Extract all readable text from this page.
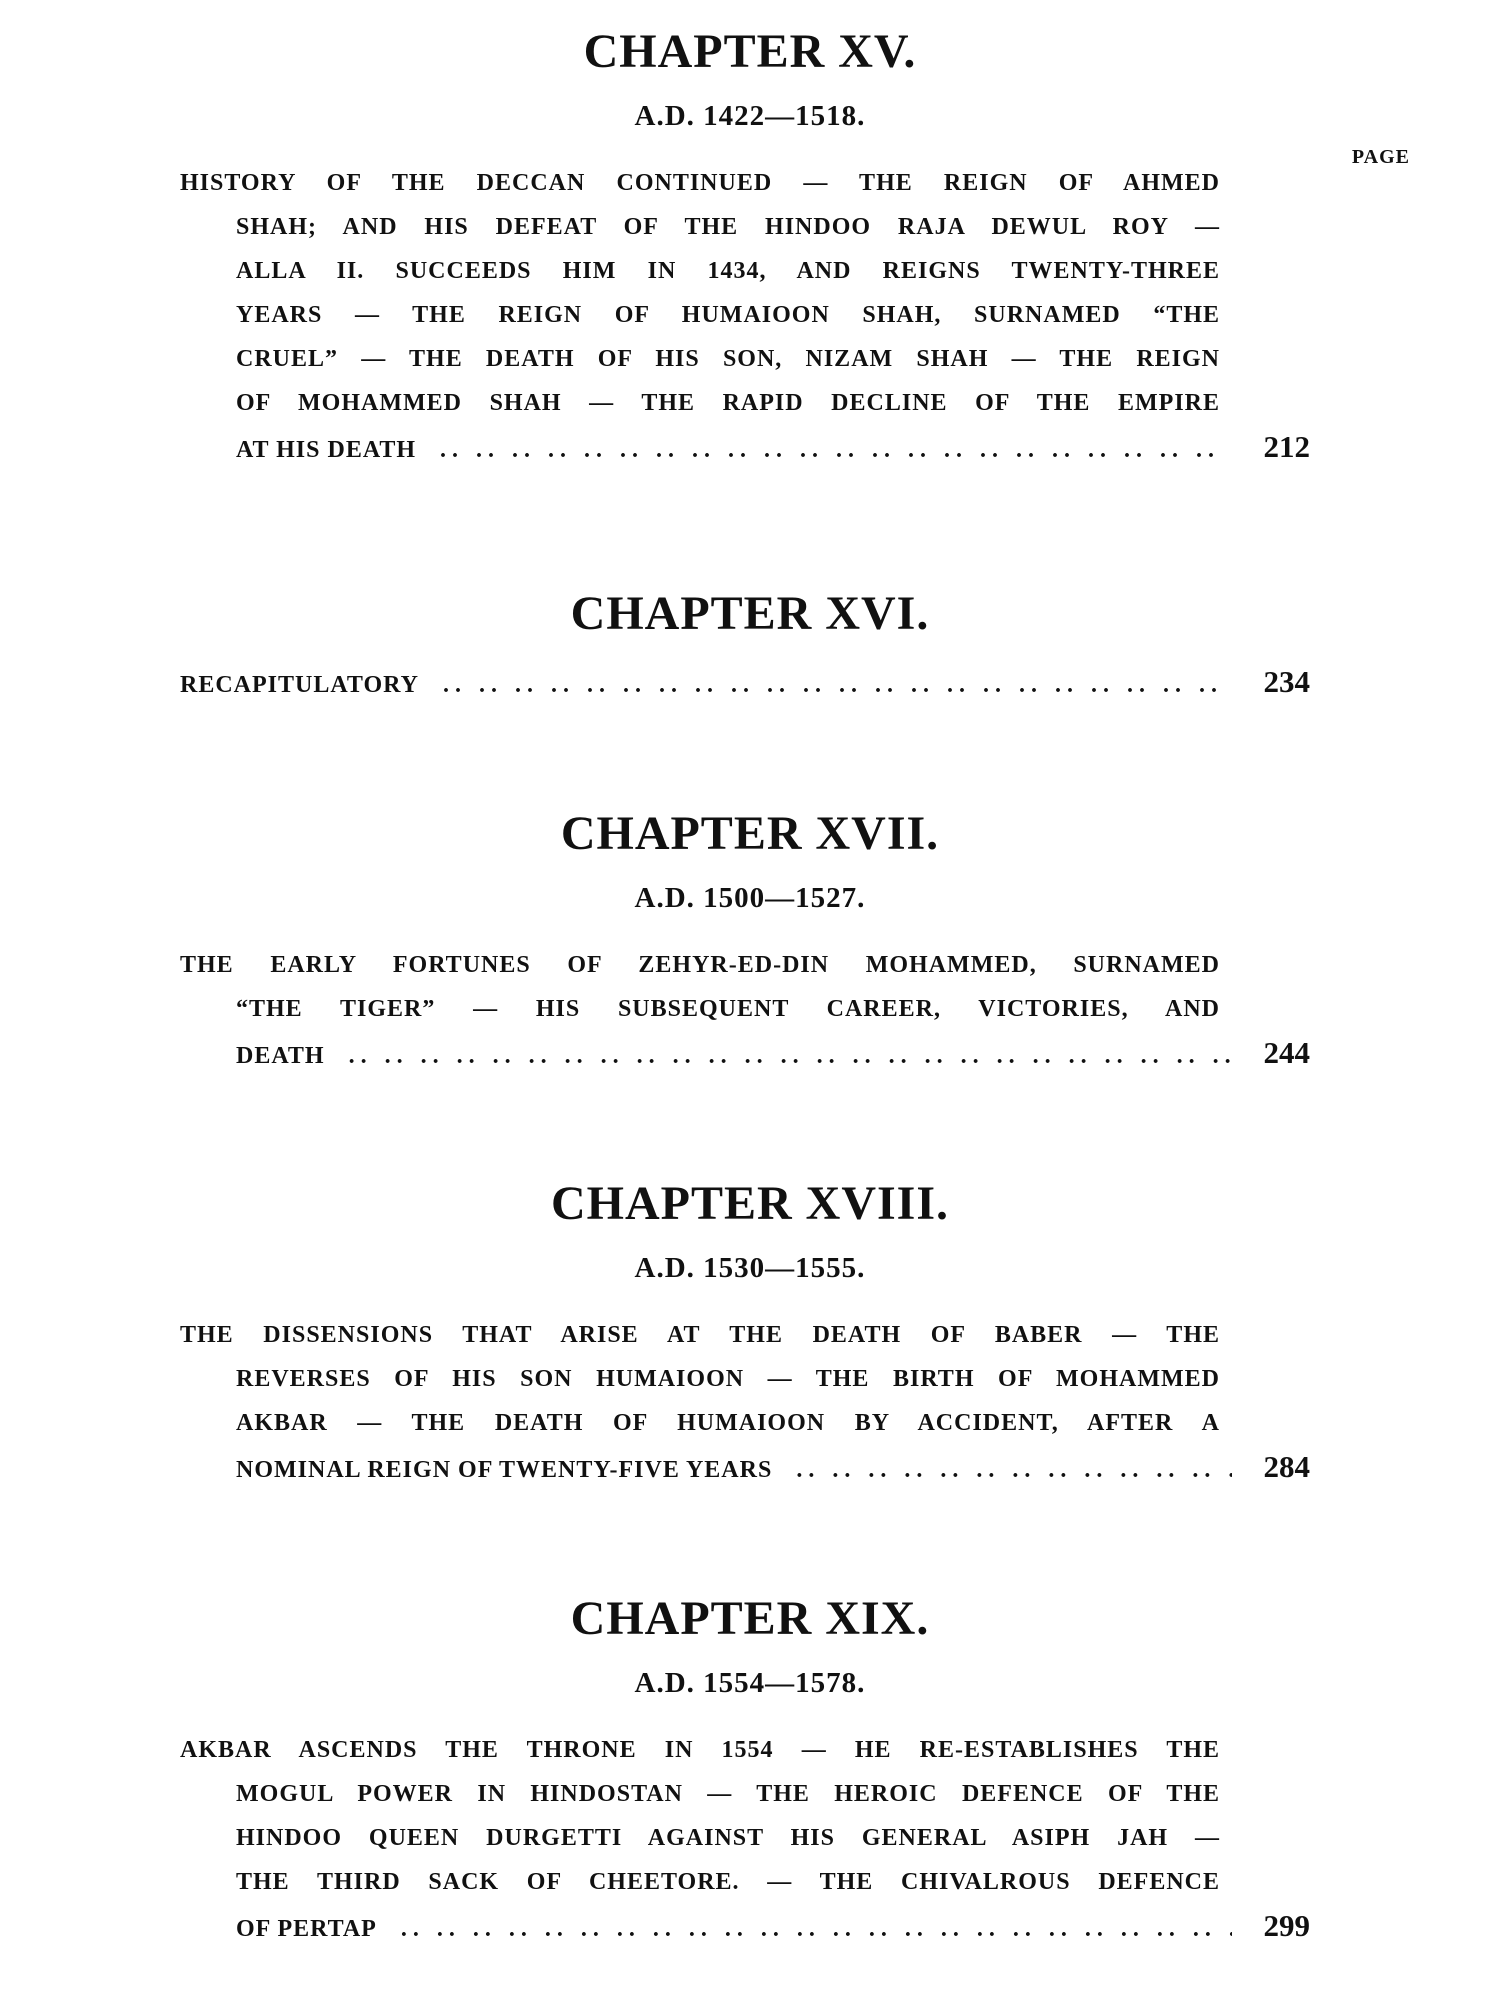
CHAPTER XV.
A.D. 1422—1518.
PAGE
HISTORY OF THE DECCAN CONTINUED — THE REIGN OF AHMED
SHAH; AND HIS DEFEAT OF THE HINDOO RAJA DEWUL ROY —
ALLA II. SUCCEEDS HIM IN 1434, AND REIGNS TWENTY-THREE
YEARS — THE REIGN OF HUMAIOON SHAH, SURNAMED “THE
CRUEL” — THE DEATH OF HIS SON, NIZAM SHAH — THE REIGN
OF MOHAMMED SHAH — THE RAPID DECLINE OF THE EMPIRE
AT HIS DEATH .. ..	212
CHAPTER XVI.
RECAPITULATORY .. ..	234
CHAPTER XVII.
A.D. 1500—1527.
THE EARLY FORTUNES OF ZEHYR-ED-DIN MOHAMMED, SURNAMED
“THE TIGER” — HIS SUBSEQUENT CAREER, VICTORIES, AND
DEATH .. ..	244
CHAPTER XVIII.
A.D. 1530—1555.
THE DISSENSIONS THAT ARISE AT THE DEATH OF BABER — THE
REVERSES OF HIS SON HUMAIOON — THE BIRTH OF MOHAMMED
AKBAR — THE DEATH OF HUMAIOON BY ACCIDENT, AFTER A
NOMINAL REIGN OF TWENTY-FIVE YEARS .. ..	284
CHAPTER XIX.
A.D. 1554—1578.
AKBAR ASCENDS THE THRONE IN 1554 — HE RE-ESTABLISHES THE
MOGUL POWER IN HINDOSTAN — THE HEROIC DEFENCE OF THE
HINDOO QUEEN DURGETTI AGAINST HIS GENERAL ASIPH JAH —
THE THIRD SACK OF CHEETORE. — THE CHIVALROUS DEFENCE
OF PERTAP .. ..	299
